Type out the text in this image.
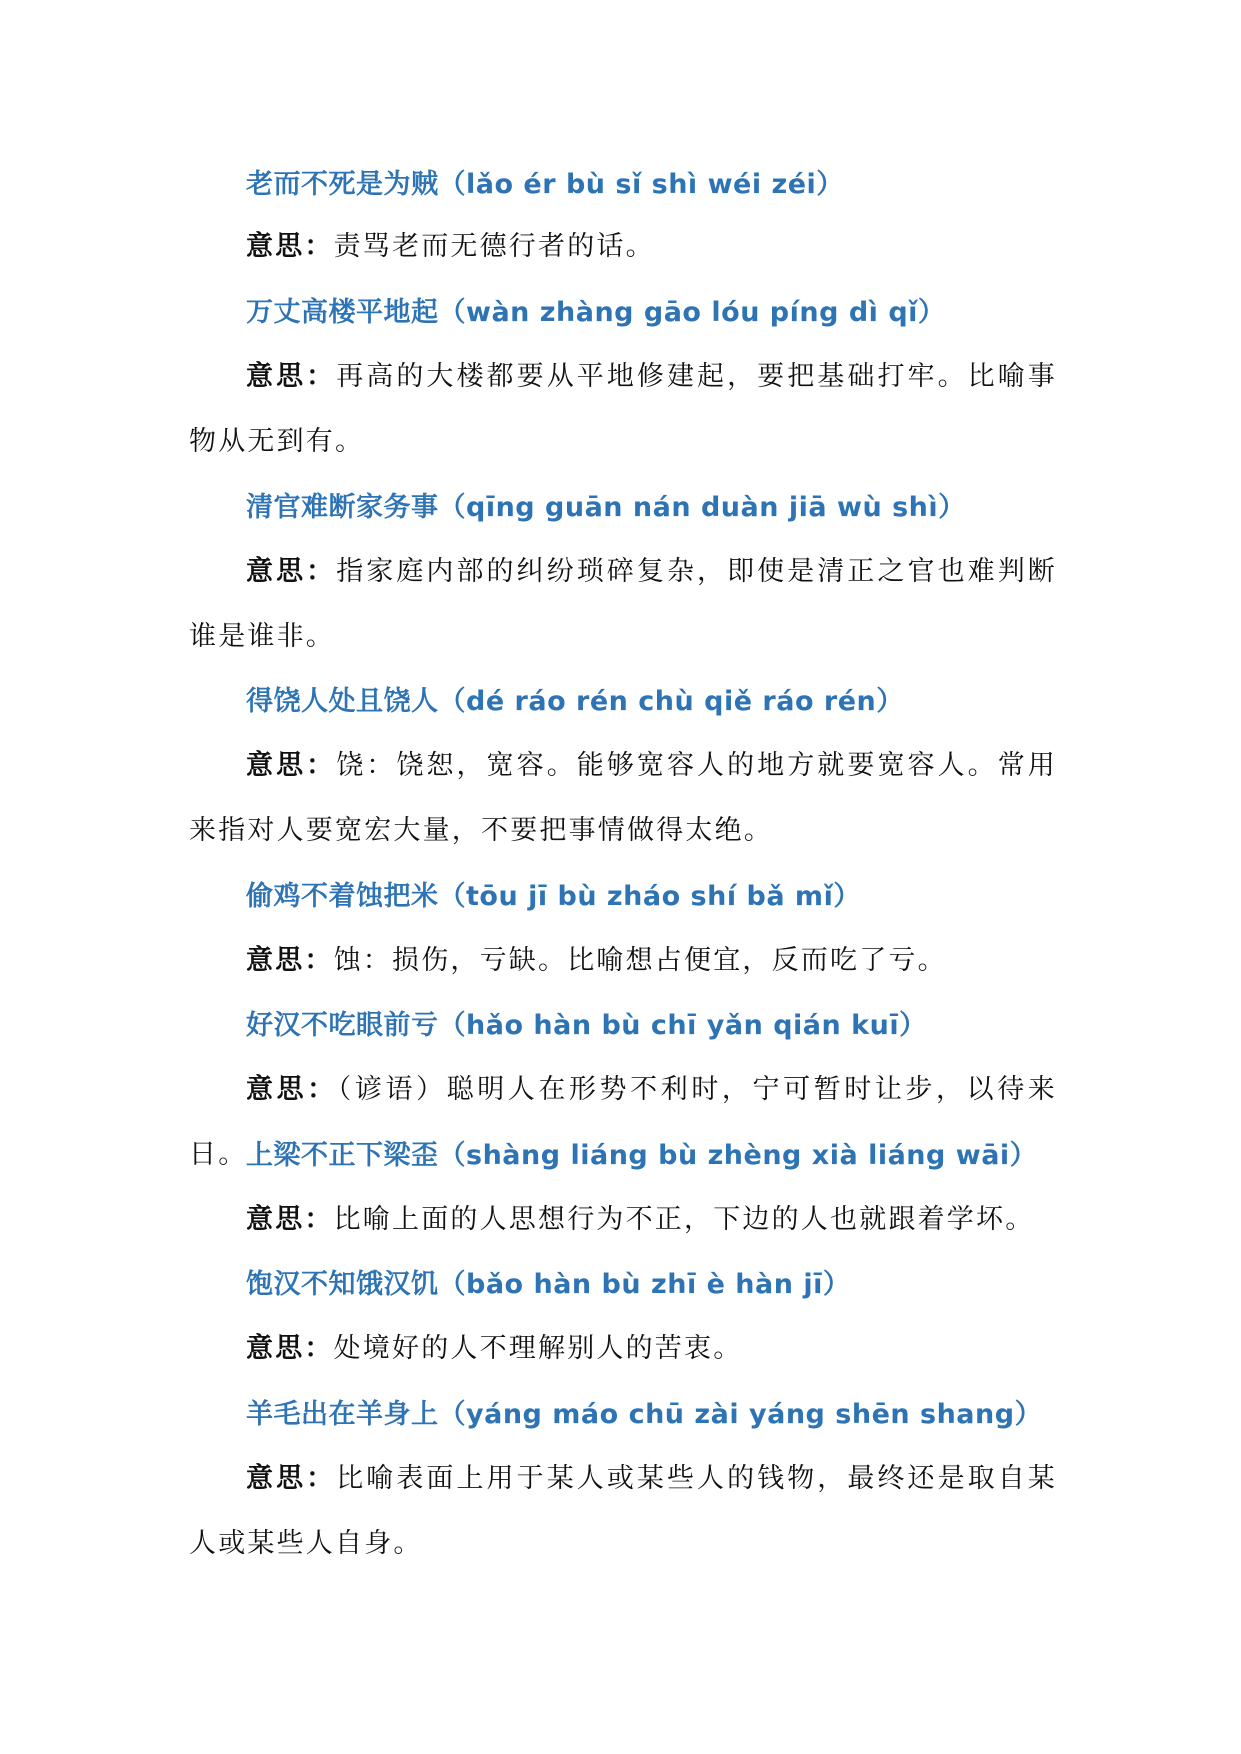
老而不死是为贼（lǎo ér bù sǐ shì wéi zéi）
意思：责骂老而无德行者的话。
万丈高楼平地起（wàn zhàng gāo lóu píng dì qǐ）
意思：再高的大楼都要从平地修建起，要把基础打牢。比喻事物从无到有。
清官难断家务事（qīng guān nán duàn jiā wù shì）
意思：指家庭内部的纠纷琐碎复杂，即使是清正之官也难判断谁是谁非。
得饶人处且饶人（dé ráo rén chù qiě ráo rén）
意思：饶：饶恕，宽容。能够宽容人的地方就要宽容人。常用来指对人要宽宏大量，不要把事情做得太绝。
偷鸡不着蚀把米（tōu jī bù zháo shí bǎ mǐ）
意思：蚀：损伤，亏缺。比喻想占便宜，反而吃了亏。
好汉不吃眼前亏（hǎo hàn bù chī yǎn qián kuī）
意思：（谚语）聪明人在形势不利时，宁可暂时让步，以待来日。
上梁不正下梁歪（shàng liáng bù zhèng xià liáng wāi）
意思：比喻上面的人思想行为不正，下边的人也就跟着学坏。
饱汉不知饿汉饥（bǎo hàn bù zhī è hàn jī）
意思：处境好的人不理解别人的苦衷。
羊毛出在羊身上（yáng máo chū zài yáng shēn shang）
意思：比喻表面上用于某人或某些人的钱物，最终还是取自某人或某些人自身。
